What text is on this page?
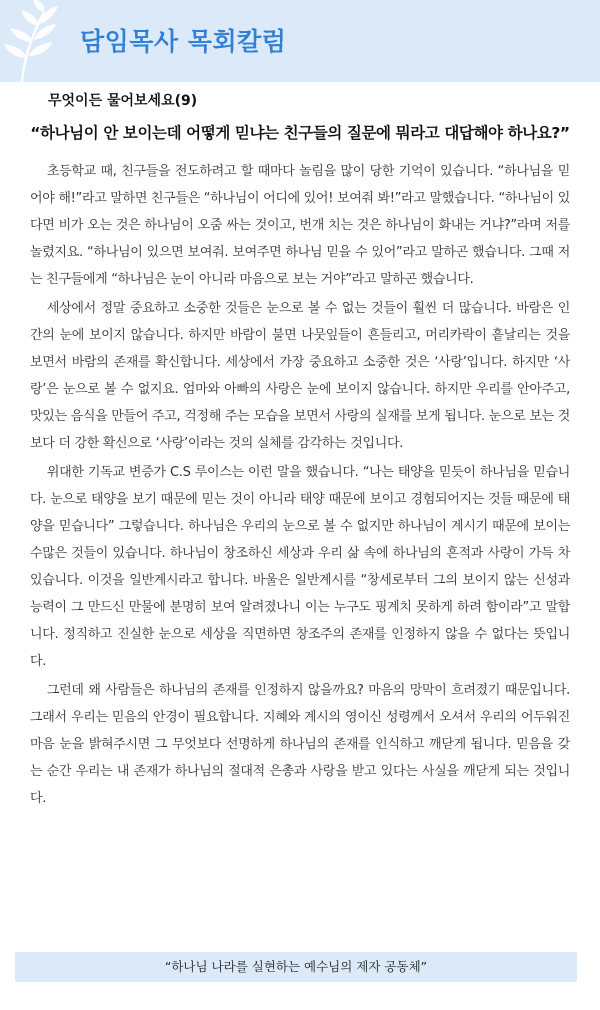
담임목사 목회칼럼
무엇이든 물어보세요(9)
“하나님이 안 보이는데 어떻게 믿냐는 친구들의 질문에 뭐라고 대답해야 하나요?”

초등학교 때, 친구들을 전도하려고 할 때마다 놀림을 많이 당한 기억이 있습니다. “하나님을 믿어야 해!”라고 말하면 친구들은 “하나님이 어디에 있어! 보여줘 봐!”라고 말했습니다. “하나님이 있다면 비가 오는 것은 하나님이 오줌 싸는 것이고, 번개 치는 것은 하나님이 화내는 거냐?”라며 저를 놀렸지요. “하나님이 있으면 보여줘. 보여주면 하나님 믿을 수 있어”라고 말하곤 했습니다. 그때 저는 친구들에게 “하나님은 눈이 아니라 마음으로 보는 거야”라고 말하곤 했습니다.

세상에서 정말 중요하고 소중한 것들은 눈으로 볼 수 없는 것들이 훨씬 더 많습니다. 바람은 인간의 눈에 보이지 않습니다. 하지만 바람이 불면 나뭇잎들이 흔들리고, 머리카락이 흩날리는 것을 보면서 바람의 존재를 확신합니다. 세상에서 가장 중요하고 소중한 것은 ‘사랑’입니다. 하지만 ‘사랑’은 눈으로 볼 수 없지요. 엄마와 아빠의 사랑은 눈에 보이지 않습니다. 하지만 우리를 안아주고, 맛있는 음식을 만들어 주고, 걱정해 주는 모습을 보면서 사랑의 실재를 보게 됩니다. 눈으로 보는 것보다 더 강한 확신으로 ‘사랑’이라는 것의 실체를 감각하는 것입니다.

위대한 기독교 변증가 C.S 루이스는 이런 말을 했습니다. “나는 태양을 믿듯이 하나님을 믿습니다. 눈으로 태양을 보기 때문에 믿는 것이 아니라 태양 때문에 보이고 경험되어지는 것들 때문에 태양을 믿습니다” 그렇습니다. 하나님은 우리의 눈으로 볼 수 없지만 하나님이 계시기 때문에 보이는 수많은 것들이 있습니다. 하나님이 창조하신 세상과 우리 삶 속에 하나님의 흔적과 사랑이 가득 차 있습니다. 이것을 일반계시라고 합니다. 바울은 일반계시를 “창세로부터 그의 보이지 않는 신성과 능력이 그 만드신 만물에 분명히 보여 알려졌나니 이는 누구도 핑계치 못하게 하려 함이라”고 말합니다. 정직하고 진실한 눈으로 세상을 직면하면 창조주의 존재를 인정하지 않을 수 없다는 뜻입니다.

그런데 왜 사람들은 하나님의 존재를 인정하지 않을까요? 마음의 망막이 흐려졌기 때문입니다. 그래서 우리는 믿음의 안경이 필요합니다. 지혜와 계시의 영이신 성령께서 오셔서 우리의 어두워진 마음 눈을 밝혀주시면 그 무엇보다 선명하게 하나님의 존재를 인식하고 깨닫게 됩니다. 믿음을 갖는 순간 우리는 내 존재가 하나님의 절대적 은총과 사랑을 받고 있다는 사실을 깨닫게 되는 것입니다.

“하나님 나라를 실현하는 예수님의 제자 공동체”
